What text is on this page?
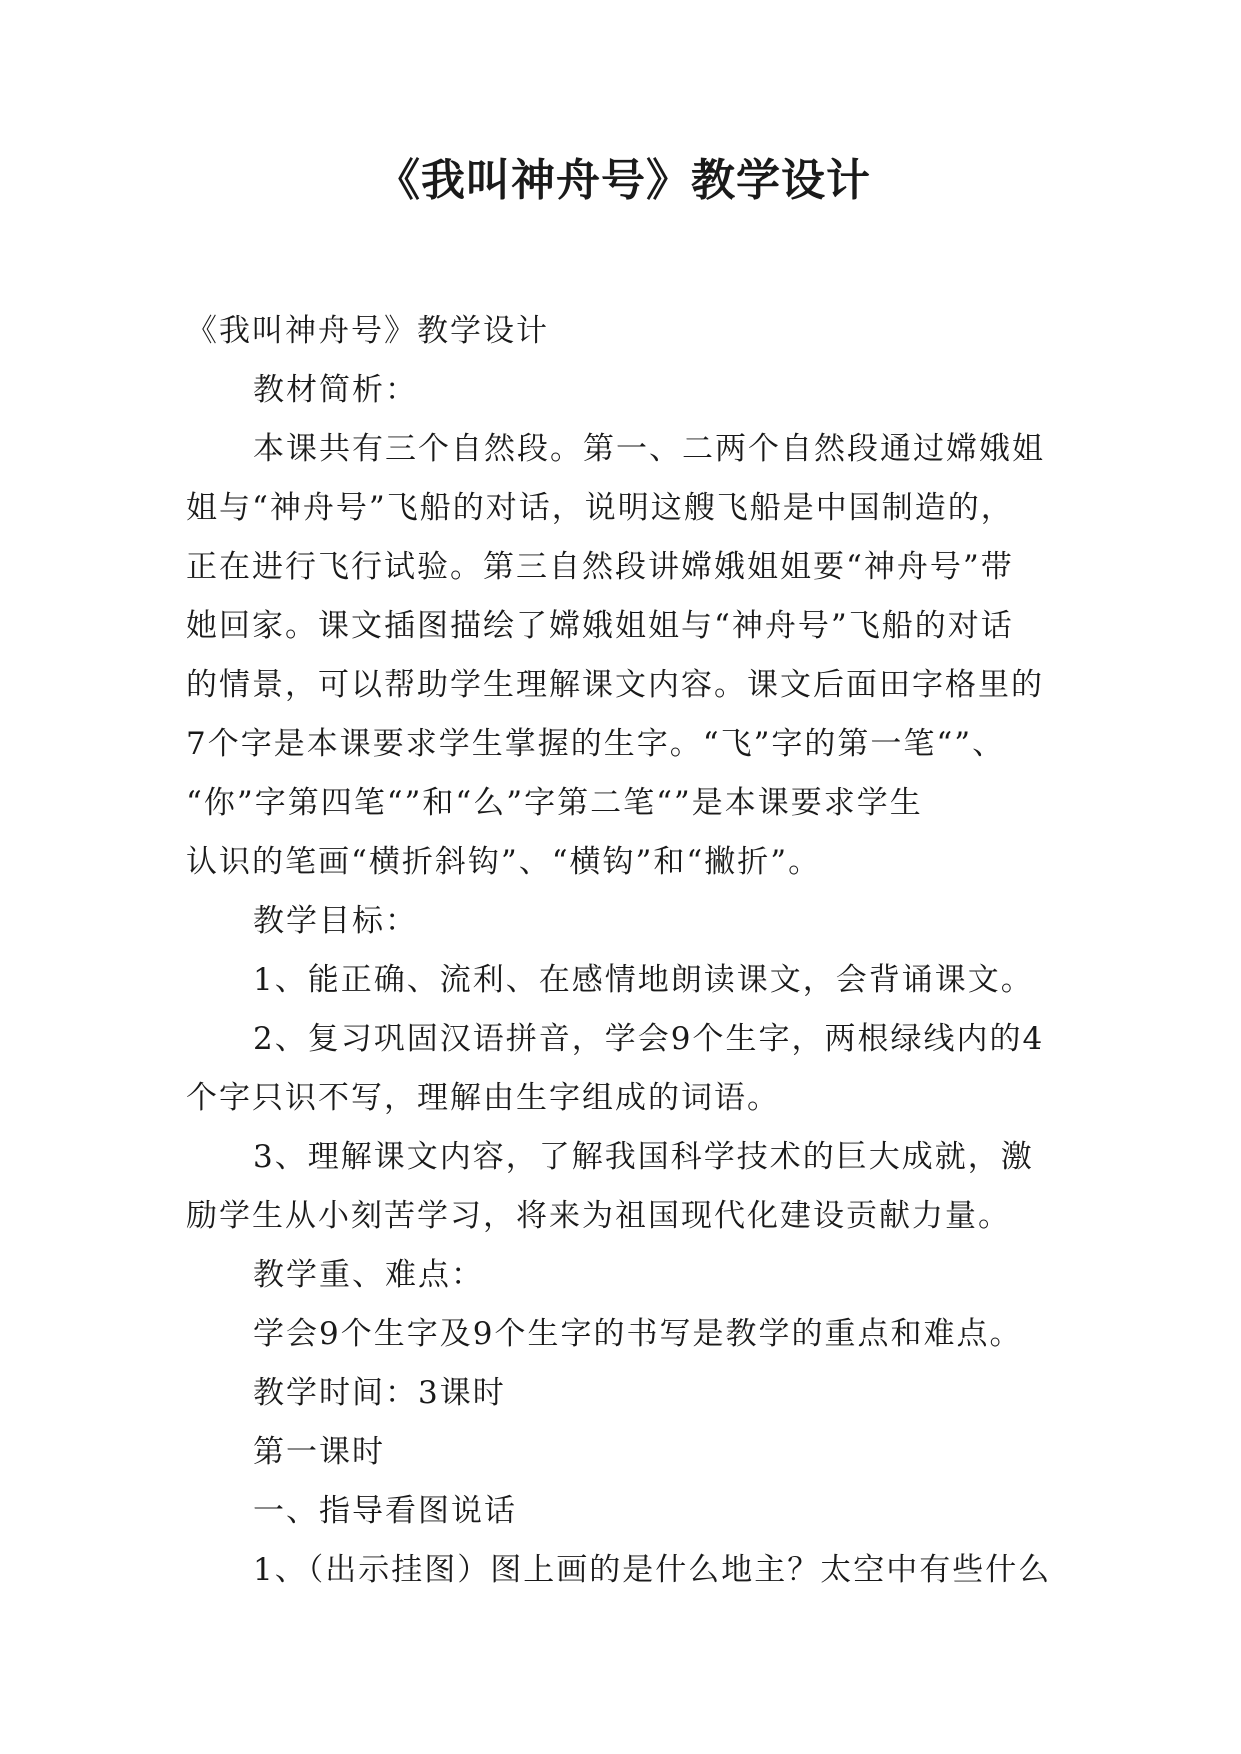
《我叫神舟号》教学设计
《我叫神舟号》教学设计
教材简析：
本课共有三个自然段。第一、二两个自然段通过嫦娥姐
姐与“神舟号”飞船的对话，说明这艘飞船是中国制造的，
正在进行飞行试验。第三自然段讲嫦娥姐姐要“神舟号”带
她回家。课文插图描绘了嫦娥姐姐与“神舟号”飞船的对话
的情景，可以帮助学生理解课文内容。课文后面田字格里的
7个字是本课要求学生掌握的生字。“飞”字的第一笔“”、
“你”字第四笔“”和“么”字第二笔“”是本课要求学生
认识的笔画“横折斜钩”、“横钩”和“撇折”。
教学目标：
1、能正确、流利、在感情地朗读课文，会背诵课文。
2、复习巩固汉语拼音，学会9个生字，两根绿线内的4
个字只识不写，理解由生字组成的词语。
3、理解课文内容，了解我国科学技术的巨大成就，激
励学生从小刻苦学习，将来为祖国现代化建设贡献力量。
教学重、难点：
学会9个生字及9个生字的书写是教学的重点和难点。
教学时间：3课时
第一课时
一、指导看图说话
1、（出示挂图）图上画的是什么地主？太空中有些什么
